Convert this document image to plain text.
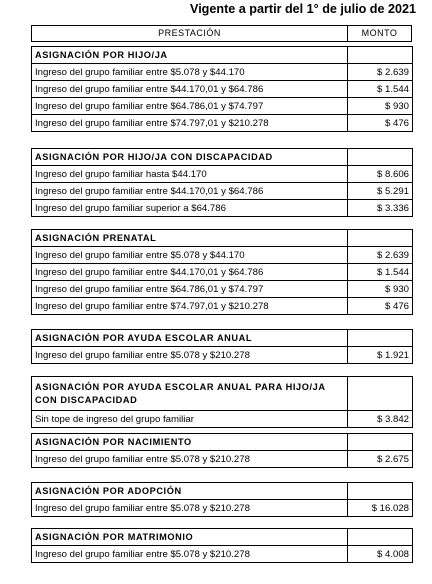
Vigente a partir del 1° de julio de 2021
PRESTACIÓN	MONTO
ASIGNACIÓN POR HIJO/JA	
Ingreso del grupo familiar entre $5.078 y $44.170	$ 2.639
Ingreso del grupo familiar entre $44.170,01 y $64.786	$ 1.544
Ingreso del grupo familiar entre $64.786,01 y $74.797	$ 930
Ingreso del grupo familiar entre $74.797,01 y $210.278	$ 476
ASIGNACIÓN POR HIJO/JA CON DISCAPACIDAD	
Ingreso del grupo familiar hasta $44.170	$ 8.606
Ingreso del grupo familiar entre $44.170,01 y $64.786	$ 5.291
Ingreso del grupo familiar superior a $64.786	$ 3.336
ASIGNACIÓN PRENATAL	
Ingreso del grupo familiar entre $5.078 y $44.170	$ 2.639
Ingreso del grupo familiar entre $44.170,01 y $64.786	$ 1.544
Ingreso del grupo familiar entre $64.786,01 y $74.797	$ 930
Ingreso del grupo familiar entre $74.797,01 y $210.278	$ 476
ASIGNACIÓN POR AYUDA ESCOLAR ANUAL	
Ingreso del grupo familiar entre $5.078 y $210.278	$ 1.921
ASIGNACIÓN POR AYUDA ESCOLAR ANUAL PARA HIJO/JA CON DISCAPACIDAD	
Sin tope de ingreso del grupo familiar	$ 3.842
ASIGNACIÓN POR NACIMIENTO	
Ingreso del grupo familiar entre $5.078 y $210.278	$ 2.675
ASIGNACIÓN POR ADOPCIÓN	
Ingreso del grupo familiar entre $5.078 y $210.278	$ 16.028
ASIGNACIÓN POR MATRIMONIO	
Ingreso del grupo familiar entre $5.078 y $210.278	$ 4.008
